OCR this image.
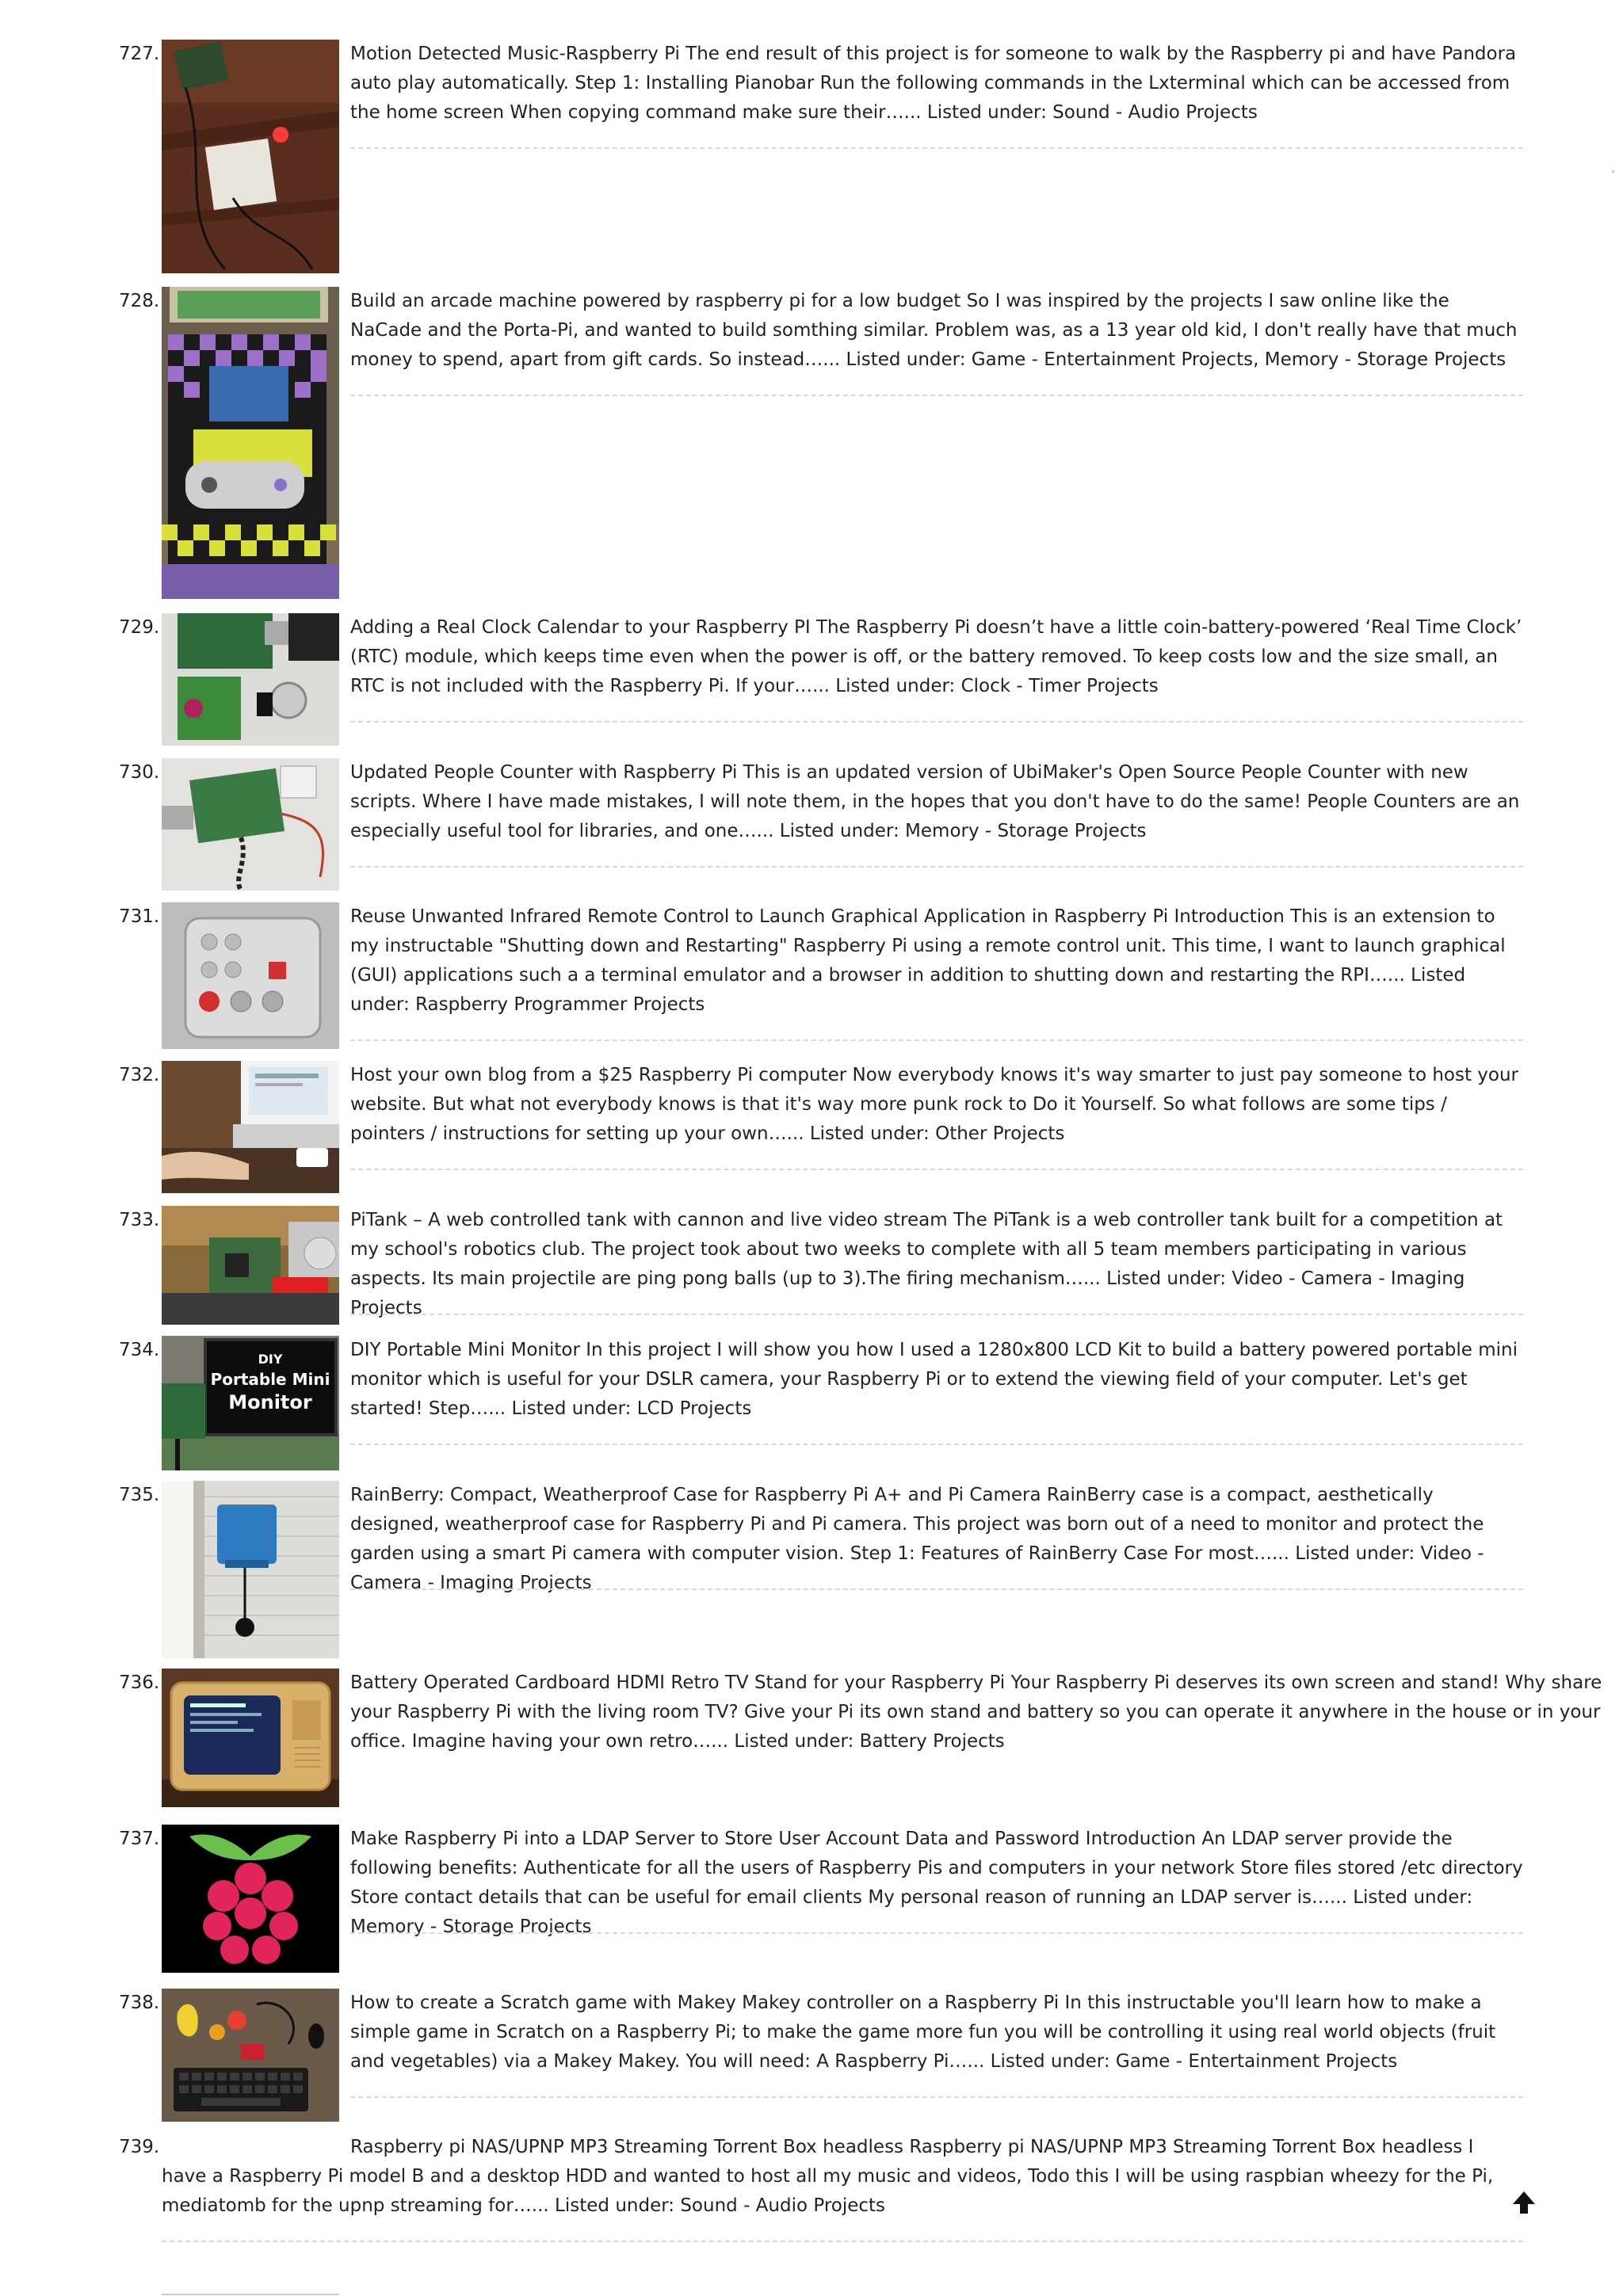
727.	Motion Detected Music-Raspberry Pi The end result of this project is for someone to walk by the Raspberry pi and have Pandora auto play automatically. Step 1: Installing Pianobar Run the following commands in the Lxterminal which can be accessed from the home screen When copying command make sure their…... Listed under: Sound - Audio Projects
728.	Build an arcade machine powered by raspberry pi for a low budget So I was inspired by the projects I saw online like the NaCade and the Porta-Pi, and wanted to build somthing similar. Problem was, as a 13 year old kid, I don't really have that much money to spend, apart from gift cards. So instead…... Listed under: Game - Entertainment Projects, Memory - Storage Projects
729.	Adding a Real Clock Calendar to your Raspberry PI The Raspberry Pi doesn’t have a little coin-battery-powered ‘Real Time Clock’ (RTC) module, which keeps time even when the power is off, or the battery removed. To keep costs low and the size small, an RTC is not included with the Raspberry Pi. If your…... Listed under: Clock - Timer Projects
730.	Updated People Counter with Raspberry Pi This is an updated version of UbiMaker's Open Source People Counter with new scripts. Where I have made mistakes, I will note them, in the hopes that you don't have to do the same! People Counters are an especially useful tool for libraries, and one…... Listed under: Memory - Storage Projects
731.	Reuse Unwanted Infrared Remote Control to Launch Graphical Application in Raspberry Pi Introduction This is an extension to my instructable "Shutting down and Restarting" Raspberry Pi using a remote control unit. This time, I want to launch graphical (GUI) applications such a a terminal emulator and a browser in addition to shutting down and restarting the RPI…... Listed under: Raspberry Programmer Projects
732.	Host your own blog from a $25 Raspberry Pi computer Now everybody knows it's way smarter to just pay someone to host your website. But what not everybody knows is that it's way more punk rock to Do it Yourself. So what follows are some tips / pointers / instructions for setting up your own…... Listed under: Other Projects
733.	PiTank – A web controlled tank with cannon and live video stream The PiTank is a web controller tank built for a competition at my school's robotics club. The project took about two weeks to complete with all 5 team members participating in various aspects. Its main projectile are ping pong balls (up to 3).The firing mechanism…... Listed under: Video - Camera - Imaging Projects
734.	DIY
Portable Mini
Monitor
DIY Portable Mini Monitor In this project I will show you how I used a 1280x800 LCD Kit to build a battery powered portable mini monitor which is useful for your DSLR camera, your Raspberry Pi or to extend the viewing field of your computer. Let's get started! Step…... Listed under: LCD Projects
735.	RainBerry: Compact, Weatherproof Case for Raspberry Pi A+ and Pi Camera RainBerry case is a compact, aesthetically designed, weatherproof case for Raspberry Pi and Pi camera. This project was born out of a need to monitor and protect the garden using a smart Pi camera with computer vision. Step 1: Features of RainBerry Case For most…... Listed under: Video - Camera - Imaging Projects
736.	Battery Operated Cardboard HDMI Retro TV Stand for your Raspberry Pi Your Raspberry Pi deserves its own screen and stand! Why share your Raspberry Pi with the living room TV? Give your Pi its own stand and battery so you can operate it anywhere in the house or in your office. Imagine having your own retro…... Listed under: Battery Projects
737.	Make Raspberry Pi into a LDAP Server to Store User Account Data and Password Introduction An LDAP server provide the following benefits: Authenticate for all the users of Raspberry Pis and computers in your network Store files stored /etc directory Store contact details that can be useful for email clients My personal reason of running an LDAP server is…... Listed under: Memory - Storage Projects
738.	How to create a Scratch game with Makey Makey controller on a Raspberry Pi In this instructable you'll learn how to make a simple game in Scratch on a Raspberry Pi; to make the game more fun you will be controlling it using real world objects (fruit and vegetables) via a Makey Makey. You will need: A Raspberry Pi…... Listed under: Game - Entertainment Projects
739.	Raspberry pi NAS/UPNP MP3 Streaming Torrent Box headless Raspberry pi NAS/UPNP MP3 Streaming Torrent Box headless I have a Raspberry Pi model B and a desktop HDD and wanted to host all my music and videos, Todo this I will be using raspbian wheezy for the Pi, mediatomb for the upnp streaming for…... Listed under: Sound - Audio Projects
